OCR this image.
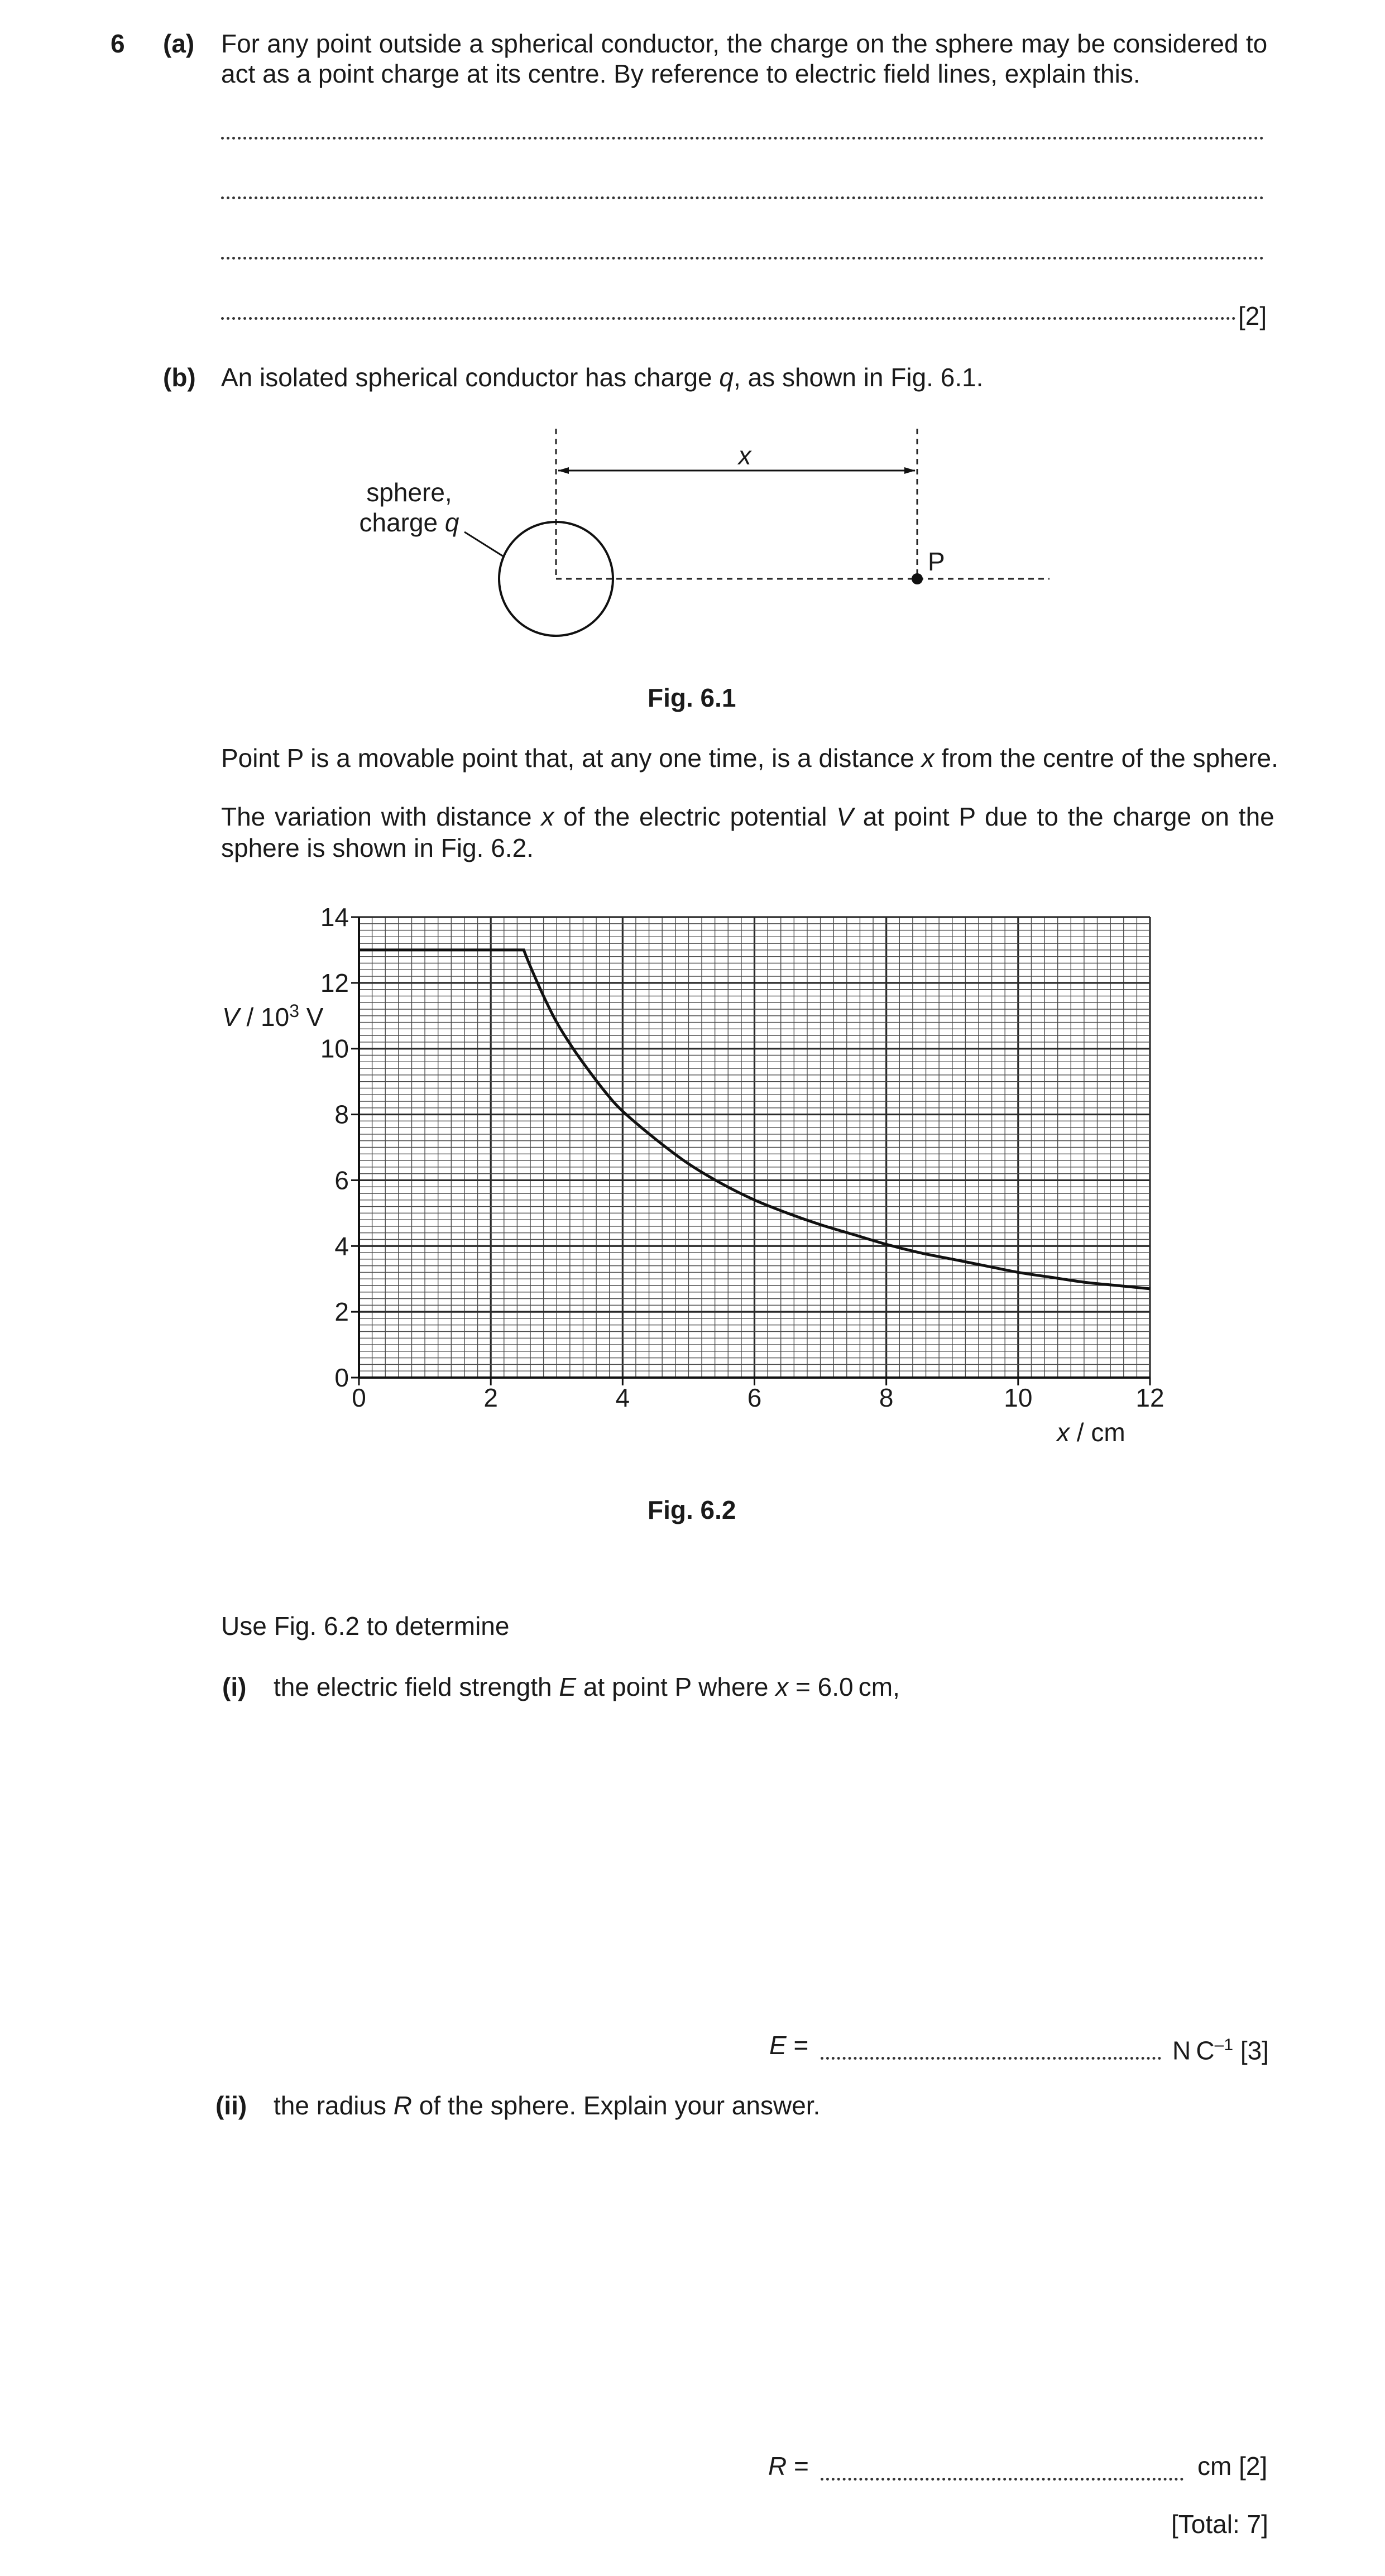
6 (a) For any point outside a spherical conductor, the charge on the sphere may be considered to
act as a point charge at its centre. By reference to electric field lines, explain this.
[2]
(b) An isolated spherical conductor has charge q, as shown in Fig. 6.1.
x
P
sphere,
charge q
Fig. 6.1
Point P is a movable point that, at any one time, is a distance x from the centre of the sphere.
The variation with distance x of the electric potential V at point P due to the charge on the
sphere is shown in Fig. 6.2.
0	2	4	6	8	10	12
0
2
4
6
8
10
12
14
V / $10^3$ V
x / cm
Fig. 6.2
Use Fig. 6.2 to determine
(i) the electric field strength E at point P where x = 6.0 cm,
E =	N $C^{-1}$ [3]
(ii) the radius R of the sphere. Explain your answer.
R =	cm [2]
[Total: 7]
